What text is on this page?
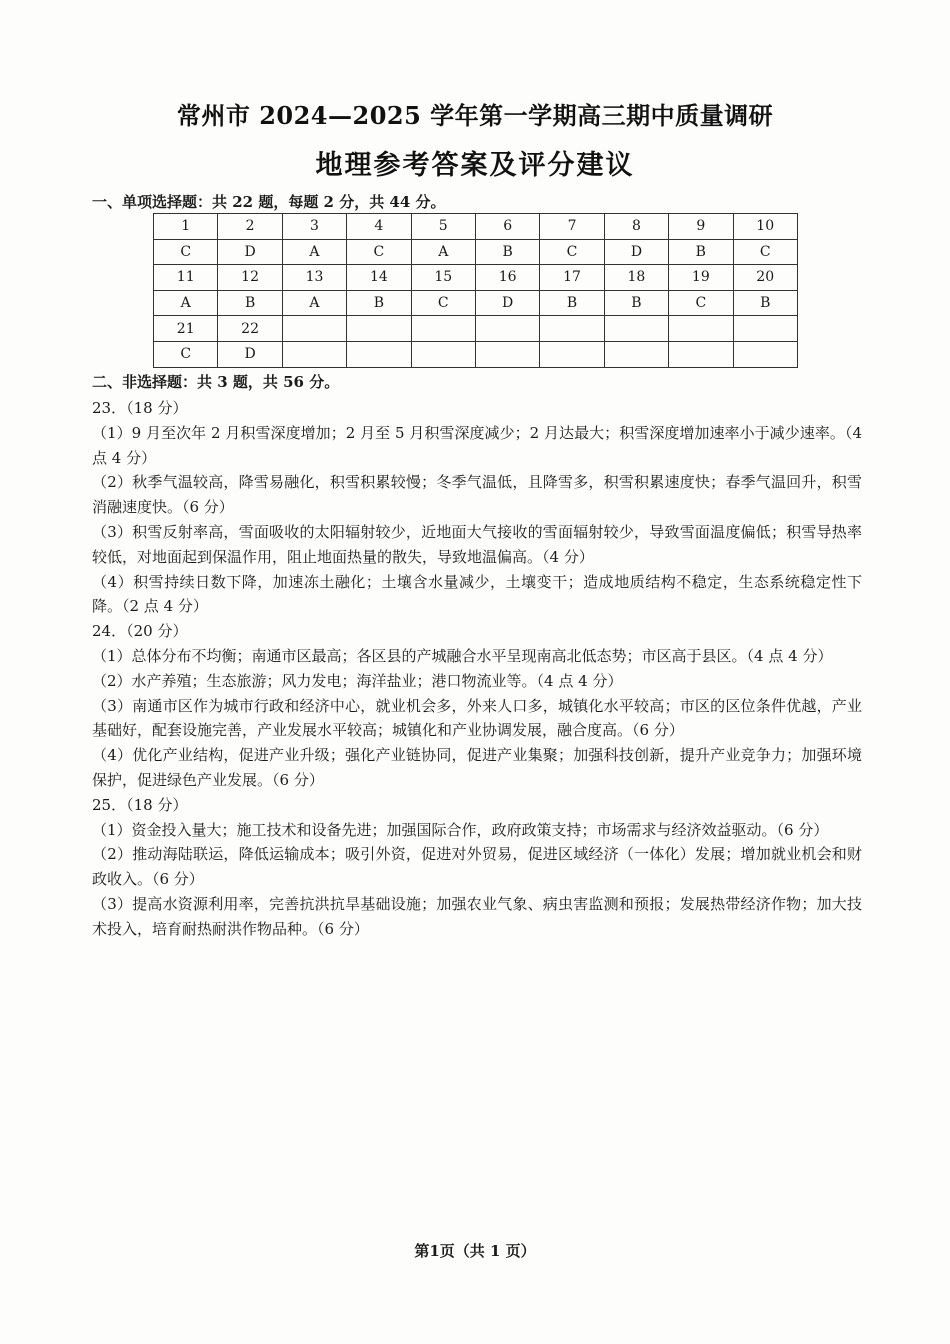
常州市 2024—2025 学年第一学期高三期中质量调研
地理参考答案及评分建议
一、单项选择题：共 22 题，每题 2 分，共 44 分。
1	2	3	4	5	6	7	8	9	10
C	D	A	C	A	B	C	D	B	C
11	12	13	14	15	16	17	18	19	20
A	B	A	B	C	D	B	B	C	B
21	22								
C	D								
二、非选择题：共 3 题，共 56 分。

23．（18 分）

（1）9 月至次年 2 月积雪深度增加；2 月至 5 月积雪深度减少；2 月达最大；积雪深度增加速率小于减少速率。（4 点 4 分）

（2）秋季气温较高，降雪易融化，积雪积累较慢；冬季气温低，且降雪多，积雪积累速度快；春季气温回升，积雪消融速度快。（6 分）

（3）积雪反射率高，雪面吸收的太阳辐射较少，近地面大气接收的雪面辐射较少，导致雪面温度偏低；积雪导热率较低，对地面起到保温作用，阻止地面热量的散失，导致地温偏高。（4 分）

（4）积雪持续日数下降，加速冻土融化；土壤含水量减少，土壤变干；造成地质结构不稳定，生态系统稳定性下降。（2 点 4 分）

24．（20 分）

（1）总体分布不均衡；南通市区最高；各区县的产城融合水平呈现南高北低态势；市区高于县区。（4 点 4 分）

（2）水产养殖；生态旅游；风力发电；海洋盐业；港口物流业等。（4 点 4 分）

（3）南通市区作为城市行政和经济中心，就业机会多，外来人口多，城镇化水平较高；市区的区位条件优越，产业基础好，配套设施完善，产业发展水平较高；城镇化和产业协调发展，融合度高。（6 分）

（4）优化产业结构，促进产业升级；强化产业链协同，促进产业集聚；加强科技创新，提升产业竞争力；加强环境保护，促进绿色产业发展。（6 分）

25．（18 分）

（1）资金投入量大；施工技术和设备先进；加强国际合作，政府政策支持；市场需求与经济效益驱动。（6 分）

（2）推动海陆联运，降低运输成本；吸引外资，促进对外贸易，促进区域经济（一体化）发展；增加就业机会和财政收入。（6 分）

（3）提高水资源利用率，完善抗洪抗旱基础设施；加强农业气象、病虫害监测和预报；发展热带经济作物；加大技术投入，培育耐热耐洪作物品种。（6 分）

第1页（共 1 页）
